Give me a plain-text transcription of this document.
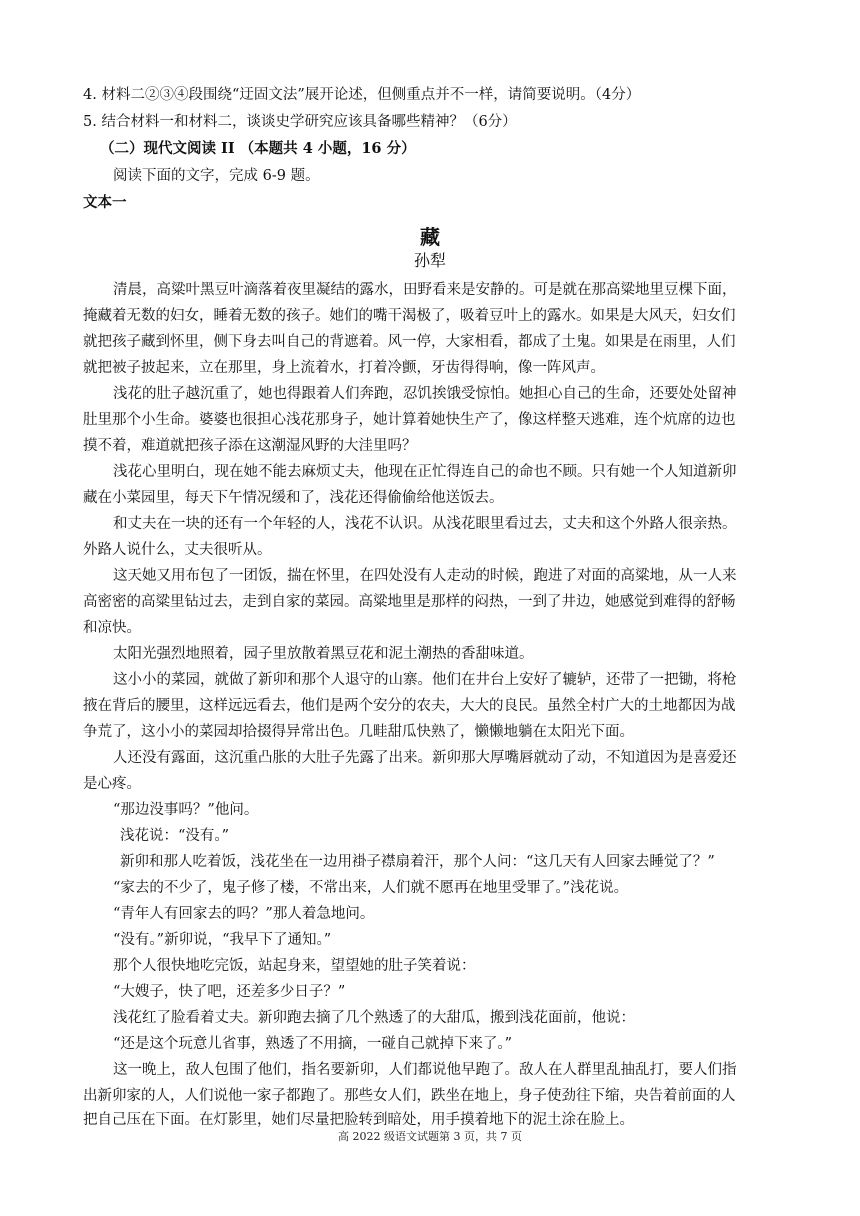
4. 材料二②③④段围绕“迂固文法”展开论述，但侧重点并不一样，请简要说明。（4分）
5. 结合材料一和材料二，谈谈史学研究应该具备哪些精神？（6分）
（二）现代文阅读 II （本题共 4 小题，16 分）
阅读下面的文字，完成 6-9 题。
文本一
藏
孙犁
清晨，高粱叶黑豆叶滴落着夜里凝结的露水，田野看来是安静的。可是就在那高粱地里豆棵下面，
掩藏着无数的妇女，睡着无数的孩子。她们的嘴干渴极了，吸着豆叶上的露水。如果是大风天，妇女们
就把孩子藏到怀里，侧下身去叫自己的背遮着。风一停，大家相看，都成了土鬼。如果是在雨里，人们
就把被子披起来，立在那里，身上流着水，打着冷颤，牙齿得得响，像一阵风声。
浅花的肚子越沉重了，她也得跟着人们奔跑，忍饥挨饿受惊怕。她担心自己的生命，还要处处留神
肚里那个小生命。婆婆也很担心浅花那身子，她计算着她快生产了，像这样整天逃难，连个炕席的边也
摸不着，难道就把孩子添在这潮湿风野的大洼里吗？
浅花心里明白，现在她不能去麻烦丈夫，他现在正忙得连自己的命也不顾。只有她一个人知道新卯
藏在小菜园里，每天下午情况缓和了，浅花还得偷偷给他送饭去。
和丈夫在一块的还有一个年轻的人，浅花不认识。从浅花眼里看过去，丈夫和这个外路人很亲热。
外路人说什么，丈夫很听从。
这天她又用布包了一团饭，揣在怀里，在四处没有人走动的时候，跑进了对面的高粱地，从一人来
高密密的高粱里钻过去，走到自家的菜园。高粱地里是那样的闷热，一到了井边，她感觉到难得的舒畅
和凉快。
太阳光强烈地照着，园子里放散着黑豆花和泥土潮热的香甜味道。
这小小的菜园，就做了新卯和那个人退守的山寨。他们在井台上安好了辘轳，还带了一把锄，将枪
掖在背后的腰里，这样远远看去，他们是两个安分的农夫，大大的良民。虽然全村广大的土地都因为战
争荒了，这小小的菜园却拾掇得异常出色。几畦甜瓜快熟了，懒懒地躺在太阳光下面。
人还没有露面，这沉重凸胀的大肚子先露了出来。新卯那大厚嘴唇就动了动，不知道因为是喜爱还
是心疼。
“那边没事吗？”他问。
浅花说：“没有。”
新卯和那人吃着饭，浅花坐在一边用褂子襟扇着汗，那个人问：“这几天有人回家去睡觉了？”
“家去的不少了，鬼子修了楼，不常出来，人们就不愿再在地里受罪了。”浅花说。
“青年人有回家去的吗？”那人着急地问。
“没有。”新卯说，“我早下了通知。”
那个人很快地吃完饭，站起身来，望望她的肚子笑着说：
“大嫂子，快了吧，还差多少日子？”
浅花红了脸看着丈夫。新卯跑去摘了几个熟透了的大甜瓜，搬到浅花面前，他说：
“还是这个玩意儿省事，熟透了不用摘，一碰自己就掉下来了。”
这一晚上，敌人包围了他们，指名要新卯，人们都说他早跑了。敌人在人群里乱抽乱打，要人们指
出新卯家的人，人们说他一家子都跑了。那些女人们，跌坐在地上，身子使劲往下缩，央告着前面的人
把自己压在下面。在灯影里，她们尽量把脸转到暗处，用手摸着地下的泥土涂在脸上。
高 2022 级语文试题第 3 页，共 7 页
